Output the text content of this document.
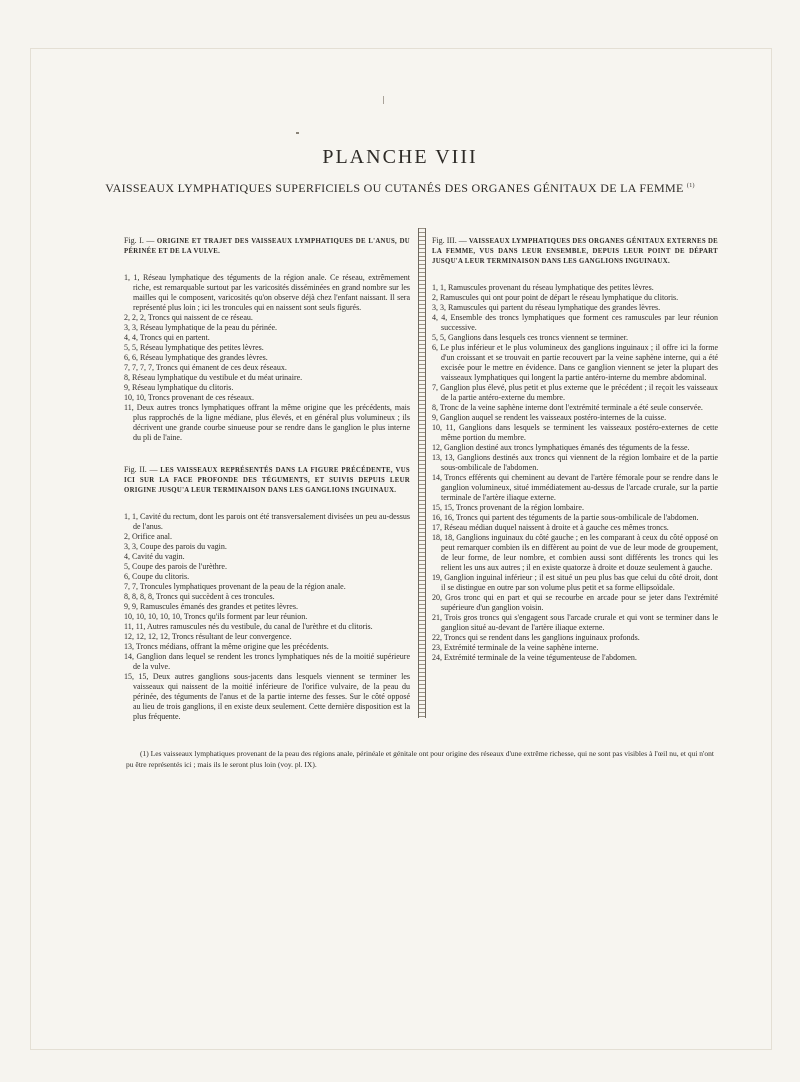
PLANCHE VIII
VAISSEAUX LYMPHATIQUES SUPERFICIELS OU CUTANÉS DES ORGANES GÉNITAUX DE LA FEMME $^{(1)}$

Fig. I. — ORIGINE ET TRAJET DES VAISSEAUX LYMPHATIQUES DE L'ANUS, DU PÉRINÉE ET DE LA VULVE.

1, 1, Réseau lymphatique des téguments de la région anale. Ce réseau, extrêmement riche, est remarquable surtout par les varicosités disséminées en grand nombre sur les mailles qui le composent, varicosités qu'on observe déjà chez l'enfant naissant. Il sera représenté plus loin ; ici les troncules qui en naissent sont seuls figurés.

2, 2, 2, Troncs qui naissent de ce réseau.

3, 3, Réseau lymphatique de la peau du périnée.

4, 4, Troncs qui en partent.

5, 5, Réseau lymphatique des petites lèvres.

6, 6, Réseau lymphatique des grandes lèvres.

7, 7, 7, 7, Troncs qui émanent de ces deux réseaux.

8, Réseau lymphatique du vestibule et du méat urinaire.

9, Réseau lymphatique du clitoris.

10, 10, Troncs provenant de ces réseaux.

11, Deux autres troncs lymphatiques offrant la même origine que les précédents, mais plus rapprochés de la ligne médiane, plus élevés, et en général plus volumineux ; ils décrivent une grande courbe sinueuse pour se rendre dans le ganglion le plus interne du pli de l'aine.

Fig. II. — LES VAISSEAUX REPRÉSENTÉS DANS LA FIGURE PRÉCÉDENTE, VUS ICI SUR LA FACE PROFONDE DES TÉGUMENTS, ET SUIVIS DEPUIS LEUR ORIGINE JUSQU'A LEUR TERMINAISON DANS LES GANGLIONS INGUINAUX.

1, 1, Cavité du rectum, dont les parois ont été transversalement divisées un peu au-dessus de l'anus.

2, Orifice anal.

3, 3, Coupe des parois du vagin.

4, Cavité du vagin.

5, Coupe des parois de l'urèthre.

6, Coupe du clitoris.

7, 7, Troncules lymphatiques provenant de la peau de la région anale.

8, 8, 8, 8, Troncs qui succèdent à ces troncules.

9, 9, Ramuscules émanés des grandes et petites lèvres.

10, 10, 10, 10, 10, Troncs qu'ils forment par leur réunion.

11, 11, Autres ramuscules nés du vestibule, du canal de l'urèthre et du clitoris.

12, 12, 12, 12, Troncs résultant de leur convergence.

13, Troncs médians, offrant la même origine que les précédents.

14, Ganglion dans lequel se rendent les troncs lymphatiques nés de la moitié supérieure de la vulve.

15, 15, Deux autres ganglions sous-jacents dans lesquels viennent se terminer les vaisseaux qui naissent de la moitié inférieure de l'orifice vulvaire, de la peau du périnée, des téguments de l'anus et de la partie interne des fesses. Sur le côté opposé au lieu de trois ganglions, il en existe deux seulement. Cette dernière disposition est la plus fréquente.

Fig. III. — VAISSEAUX LYMPHATIQUES DES ORGANES GÉNITAUX EXTERNES DE LA FEMME, VUS DANS LEUR ENSEMBLE, DEPUIS LEUR POINT DE DÉPART JUSQU'A LEUR TERMINAISON DANS LES GANGLIONS INGUINAUX.

1, 1, Ramuscules provenant du réseau lymphatique des petites lèvres.

2, Ramuscules qui ont pour point de départ le réseau lymphatique du clitoris.

3, 3, Ramuscules qui partent du réseau lymphatique des grandes lèvres.

4, 4, Ensemble des troncs lymphatiques que forment ces ramuscules par leur réunion successive.

5, 5, Ganglions dans lesquels ces troncs viennent se terminer.

6, Le plus inférieur et le plus volumineux des ganglions inguinaux ; il offre ici la forme d'un croissant et se trouvait en partie recouvert par la veine saphène interne, qui a été excisée pour le mettre en évidence. Dans ce ganglion viennent se jeter la plupart des vaisseaux lymphatiques qui longent la partie antéro-interne du membre abdominal.

7, Ganglion plus élevé, plus petit et plus externe que le précédent ; il reçoit les vaisseaux de la partie antéro-externe du membre.

8, Tronc de la veine saphène interne dont l'extrémité terminale a été seule conservée.

9, Ganglion auquel se rendent les vaisseaux postéro-internes de la cuisse.

10, 11, Ganglions dans lesquels se terminent les vaisseaux postéro-externes de cette même portion du membre.

12, Ganglion destiné aux troncs lymphatiques émanés des téguments de la fesse.

13, 13, Ganglions destinés aux troncs qui viennent de la région lombaire et de la partie sous-ombilicale de l'abdomen.

14, Troncs efférents qui cheminent au devant de l'artère fémorale pour se rendre dans le ganglion volumineux, situé immédiatement au-dessus de l'arcade crurale, sur la partie terminale de l'artère iliaque externe.

15, 15, Troncs provenant de la région lombaire.

16, 16, Troncs qui partent des téguments de la partie sous-ombilicale de l'abdomen.

17, Réseau médian duquel naissent à droite et à gauche ces mêmes troncs.

18, 18, Ganglions inguinaux du côté gauche ; en les comparant à ceux du côté opposé on peut remarquer combien ils en diffèrent au point de vue de leur mode de groupement, de leur forme, de leur nombre, et combien aussi sont différents les troncs qui les relient les uns aux autres ; il en existe quatorze à droite et douze seulement à gauche.

19, Ganglion inguinal inférieur ; il est situé un peu plus bas que celui du côté droit, dont il se distingue en outre par son volume plus petit et sa forme ellipsoïdale.

20, Gros tronc qui en part et qui se recourbe en arcade pour se jeter dans l'extrémité supérieure d'un ganglion voisin.

21, Trois gros troncs qui s'engagent sous l'arcade crurale et qui vont se terminer dans le ganglion situé au-devant de l'artère iliaque externe.

22, Troncs qui se rendent dans les ganglions inguinaux profonds.

23, Extrémité terminale de la veine saphène interne.

24, Extrémité terminale de la veine tégumenteuse de l'abdomen.

(1) Les vaisseaux lymphatiques provenant de la peau des régions anale, périnéale et génitale ont pour origine des réseaux d'une extrême richesse, qui ne sont pas visibles à l'œil nu, et qui n'ont pu être représentés ici ; mais ils le seront plus loin (voy. pl. IX).
